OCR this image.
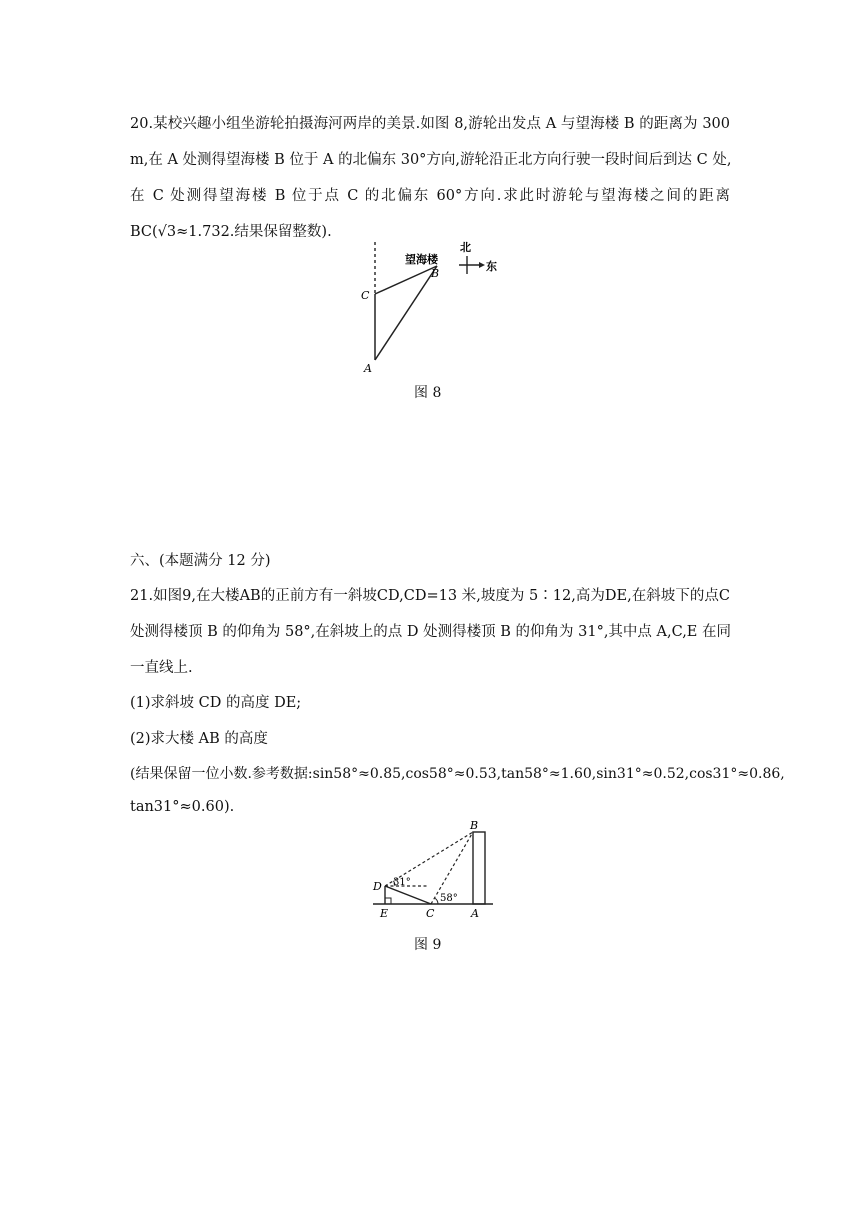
20.某校兴趣小组坐游轮拍摄海河两岸的美景.如图 8,游轮出发点 A 与望海楼 B 的距离为 300
m,在 A 处测得望海楼 B 位于 A 的北偏东 30°方向,游轮沿正北方向行驶一段时间后到达 C 处,
在 C 处测得望海楼 B 位于点 C 的北偏东 60°方向.求此时游轮与望海楼之间的距离
BC(√3≈1.732.结果保留整数).
望海楼
B
C
A
北
东
图 8
六、(本题满分 12 分)
21.如图9,在大楼AB的正前方有一斜坡CD,CD=13 米,坡度为 5∶12,高为DE,在斜坡下的点C
处测得楼顶 B 的仰角为 58°,在斜坡上的点 D 处测得楼顶 B 的仰角为 31°,其中点 A,C,E 在同
一直线上.
(1)求斜坡 CD 的高度 DE;
(2)求大楼 AB 的高度
(结果保留一位小数.参考数据:sin58°≈0.85,cos58°≈0.53,tan58°≈1.60,sin31°≈0.52,cos31°≈0.86,
tan31°≈0.60).
31°
58°
B
D
E	C	A
图 9
